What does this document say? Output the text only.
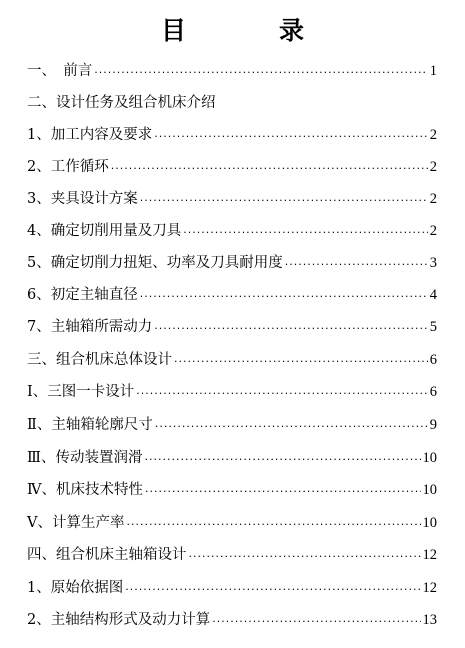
目　录
一、　前言 ·····	1
二、设计任务及组合机床介绍
1、加工内容及要求 ·····	2
2、工作循环 ·····	2
3、夹具设计方案 ·····	2
4、确定切削用量及刀具 ·····	2
5、确定切削力扭矩、功率及刀具耐用度 ·····	3
6、初定主轴直径 ·····	4
7、主轴箱所需动力 ·····	5
三、组合机床总体设计 ·····	6
Ⅰ、三图一卡设计 ·····	6
Ⅱ、主轴箱轮廓尺寸 ·····	9
Ⅲ、传动装置润滑 ·····	10
Ⅳ、机床技术特性 ·····	10
Ⅴ、计算生产率 ·····	10
四、组合机床主轴箱设计 ·····	12
1、原始依据图 ·····	12
2、主轴结构形式及动力计算 ·····	13
